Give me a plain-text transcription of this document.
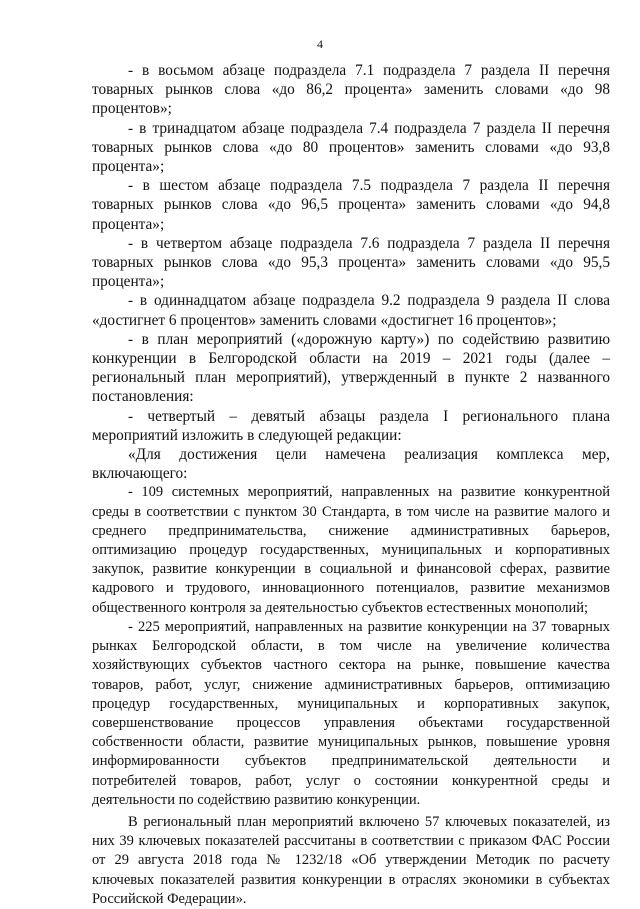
4

- в восьмом абзаце подраздела 7.1 подраздела 7 раздела II перечня товарных рынков слова «до 86,2 процента» заменить словами «до 98 процентов»;

- в тринадцатом абзаце подраздела 7.4 подраздела 7 раздела II перечня товарных рынков слова «до 80 процентов» заменить словами «до 93,8 процента»;

- в шестом абзаце подраздела 7.5 подраздела 7 раздела II перечня товарных рынков слова «до 96,5 процента» заменить словами «до 94,8 процента»;

- в четвертом абзаце подраздела 7.6 подраздела 7 раздела II перечня товарных рынков слова «до 95,3 процента» заменить словами «до 95,5 процента»;

- в одиннадцатом абзаце подраздела 9.2 подраздела 9 раздела II слова «достигнет 6 процентов» заменить словами «достигнет 16 процентов»;

- в план мероприятий («дорожную карту») по содействию развитию конкуренции в Белгородской области на 2019 – 2021 годы (далее – региональный план мероприятий), утвержденный в пункте 2 названного постановления:

- четвертый – девятый абзацы раздела I регионального плана мероприятий изложить в следующей редакции:

«Для достижения цели намечена реализация комплекса мер, включающего:

- 109 системных мероприятий, направленных на развитие конкурентной среды в соответствии с пунктом 30 Стандарта, в том числе на развитие малого и среднего предпринимательства, снижение административных барьеров, оптимизацию процедур государственных, муниципальных и корпоративных закупок, развитие конкуренции в социальной и финансовой сферах, развитие кадрового и трудового, инновационного потенциалов, развитие механизмов общественного контроля за деятельностью субъектов естественных монополий;

- 225 мероприятий, направленных на развитие конкуренции на 37 товарных рынках Белгородской области, в том числе на увеличение количества хозяйствующих субъектов частного сектора на рынке, повышение качества товаров, работ, услуг, снижение административных барьеров, оптимизацию процедур государственных, муниципальных и корпоративных закупок, совершенствование процессов управления объектами государственной собственности области, развитие муниципальных рынков, повышение уровня информированности субъектов предпринимательской деятельности и потребителей товаров, работ, услуг о состоянии конкурентной среды и деятельности по содействию развитию конкуренции.

В региональный план мероприятий включено 57 ключевых показателей, из них 39 ключевых показателей рассчитаны в соответствии с приказом ФАС России от 29 августа 2018 года № 1232/18 «Об утверждении Методик по расчету ключевых показателей развития конкуренции в отраслях экономики в субъектах Российской Федерации».
